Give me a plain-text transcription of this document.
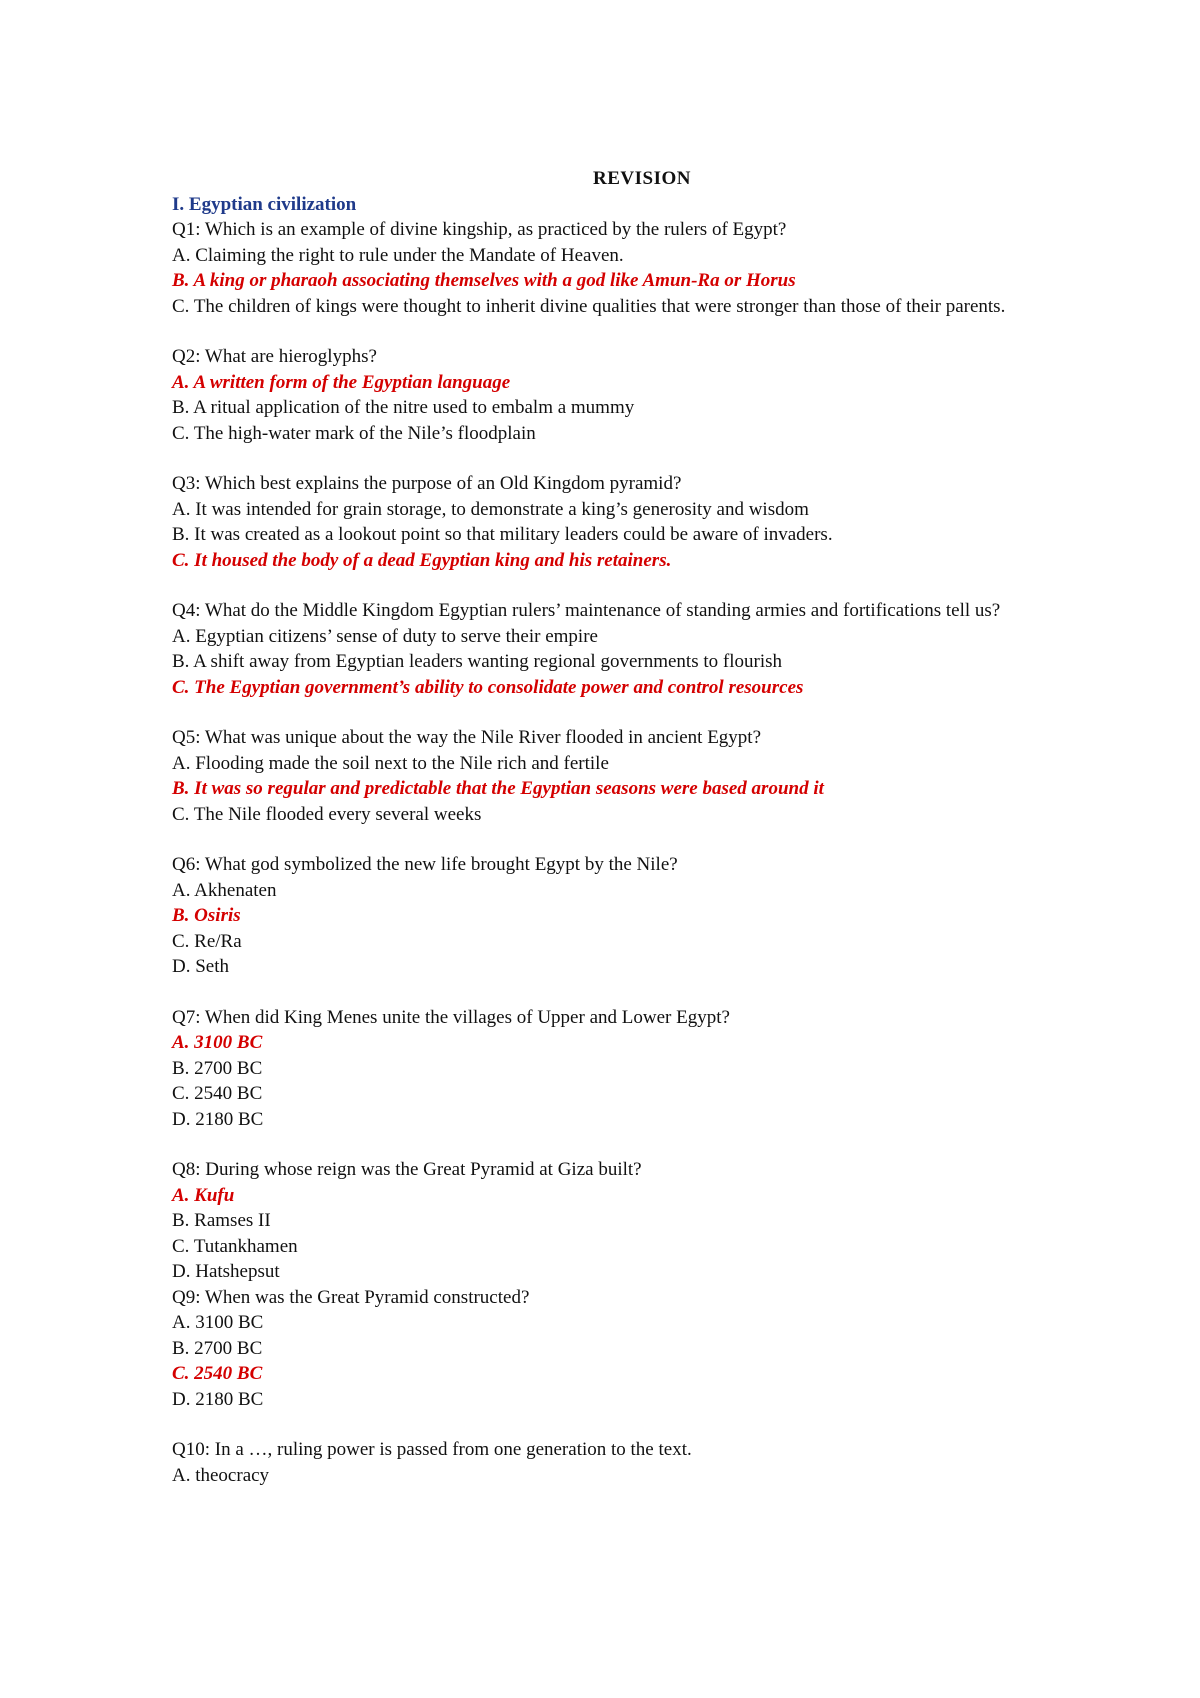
REVISION
I. Egyptian civilization
Q1: Which is an example of divine kingship, as practiced by the rulers of Egypt?
A. Claiming the right to rule under the Mandate of Heaven.
B. A king or pharaoh associating themselves with a god like Amun-Ra or Horus
C. The children of kings were thought to inherit divine qualities that were stronger than those of their parents.
Q2: What are hieroglyphs?
A. A written form of the Egyptian language
B. A ritual application of the nitre used to embalm a mummy
C. The high-water mark of the Nile’s floodplain
Q3: Which best explains the purpose of an Old Kingdom pyramid?
A. It was intended for grain storage, to demonstrate a king’s generosity and wisdom
B. It was created as a lookout point so that military leaders could be aware of invaders.
C. It housed the body of a dead Egyptian king and his retainers.
Q4: What do the Middle Kingdom Egyptian rulers’ maintenance of standing armies and fortifications tell us?
A. Egyptian citizens’ sense of duty to serve their empire
B. A shift away from Egyptian leaders wanting regional governments to flourish
C. The Egyptian government’s ability to consolidate power and control resources
Q5: What was unique about the way the Nile River flooded in ancient Egypt?
A. Flooding made the soil next to the Nile rich and fertile
B. It was so regular and predictable that the Egyptian seasons were based around it
C. The Nile flooded every several weeks
Q6: What god symbolized the new life brought Egypt by the Nile?
A. Akhenaten
B. Osiris
C. Re/Ra
D. Seth
Q7: When did King Menes unite the villages of Upper and Lower Egypt?
A. 3100 BC
B. 2700 BC
C. 2540 BC
D. 2180 BC
Q8: During whose reign was the Great Pyramid at Giza built?
A. Kufu
B. Ramses II
C. Tutankhamen
D. Hatshepsut
Q9: When was the Great Pyramid constructed?
A. 3100 BC
B. 2700 BC
C. 2540 BC
D. 2180 BC
Q10: In a …, ruling power is passed from one generation to the text.
A. theocracy
